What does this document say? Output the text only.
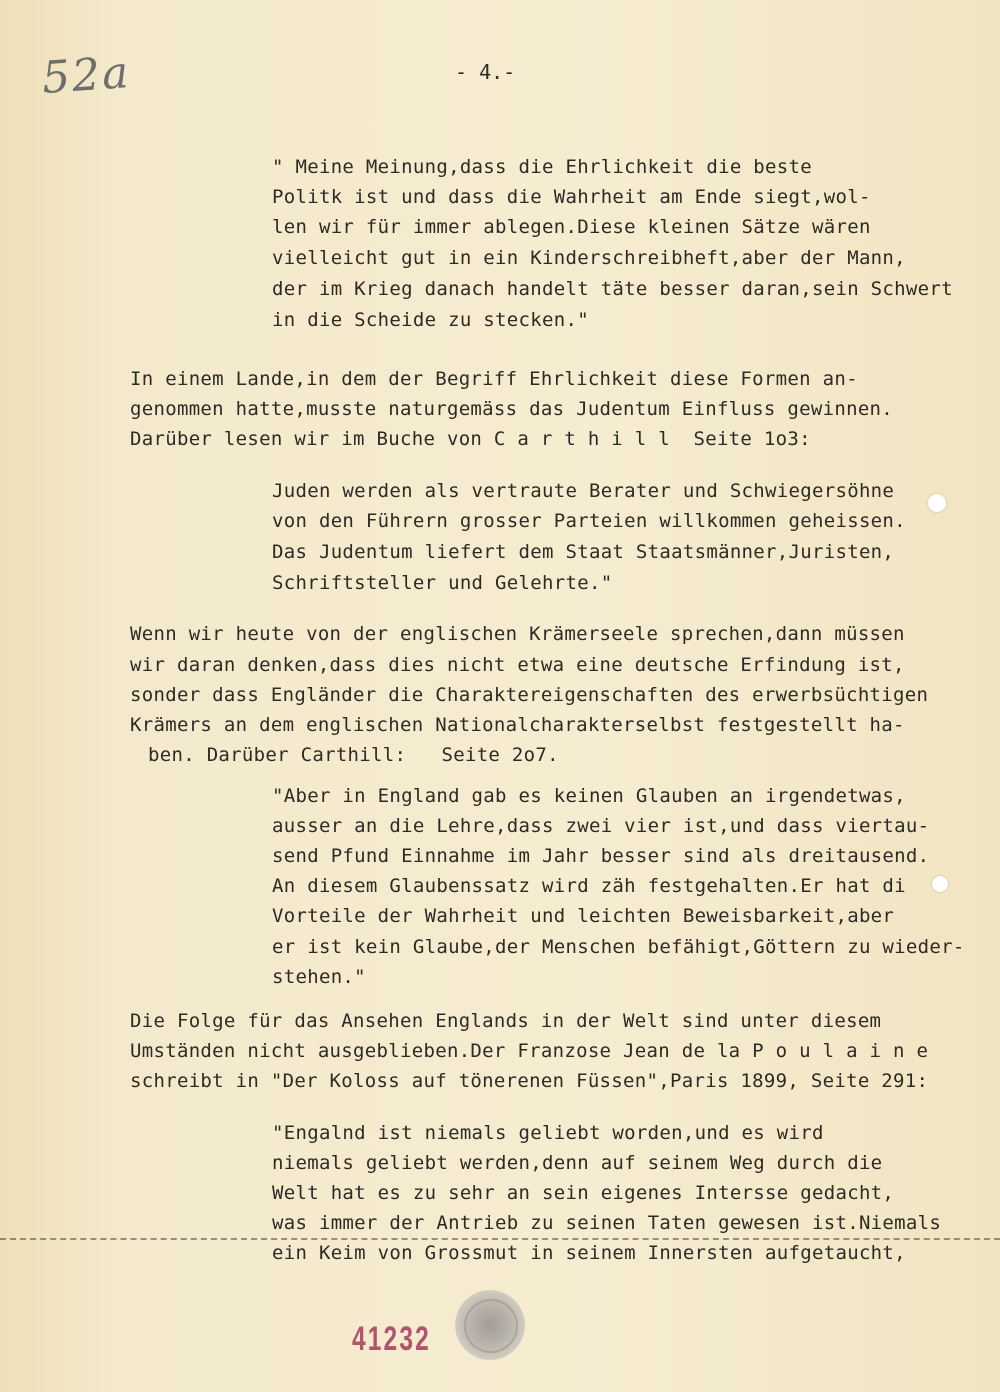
52a	- 4.-
" Meine Meinung,dass die Ehrlichkeit die beste
Politk ist und dass die Wahrheit am Ende siegt,wol-
len wir für immer ablegen.Diese kleinen Sätze wären
vielleicht gut in ein Kinderschreibheft,aber der Mann,
der im Krieg danach handelt täte besser daran,sein Schwert
in die Scheide zu stecken."
In einem Lande,in dem der Begriff Ehrlichkeit diese Formen an-
genommen hatte,musste naturgemäss das Judentum Einfluss gewinnen.
Darüber lesen wir im Buche von C a r t h i l l  Seite 1o3:
Juden werden als vertraute Berater und Schwiegersöhne
von den Führern grosser Parteien willkommen geheissen.
Das Judentum liefert dem Staat Staatsmänner,Juristen,
Schriftsteller und Gelehrte."
Wenn wir heute von der englischen Krämerseele sprechen,dann müssen
wir daran denken,dass dies nicht etwa eine deutsche Erfindung ist,
sonder dass Engländer die Charaktereigenschaften des erwerbsüchtigen
Krämers an dem englischen Nationalcharakterselbst festgestellt ha-
ben. Darüber Carthill:   Seite 2o7.
"Aber in England gab es keinen Glauben an irgendetwas,
ausser an die Lehre,dass zwei vier ist,und dass viertau-
send Pfund Einnahme im Jahr besser sind als dreitausend.
An diesem Glaubenssatz wird zäh festgehalten.Er hat di
Vorteile der Wahrheit und leichten Beweisbarkeit,aber
er ist kein Glaube,der Menschen befähigt,Göttern zu wieder-
stehen."
Die Folge für das Ansehen Englands in der Welt sind unter diesem
Umständen nicht ausgeblieben.Der Franzose Jean de la P o u l a i n e
schreibt in "Der Koloss auf tönerenen Füssen",Paris 1899, Seite 291:
"Engalnd ist niemals geliebt worden,und es wird
niemals geliebt werden,denn auf seinem Weg durch die
Welt hat es zu sehr an sein eigenes Intersse gedacht,
was immer der Antrieb zu seinen Taten gewesen ist.Niemals
ein Keim von Grossmut in seinem Innersten aufgetaucht,
41232
